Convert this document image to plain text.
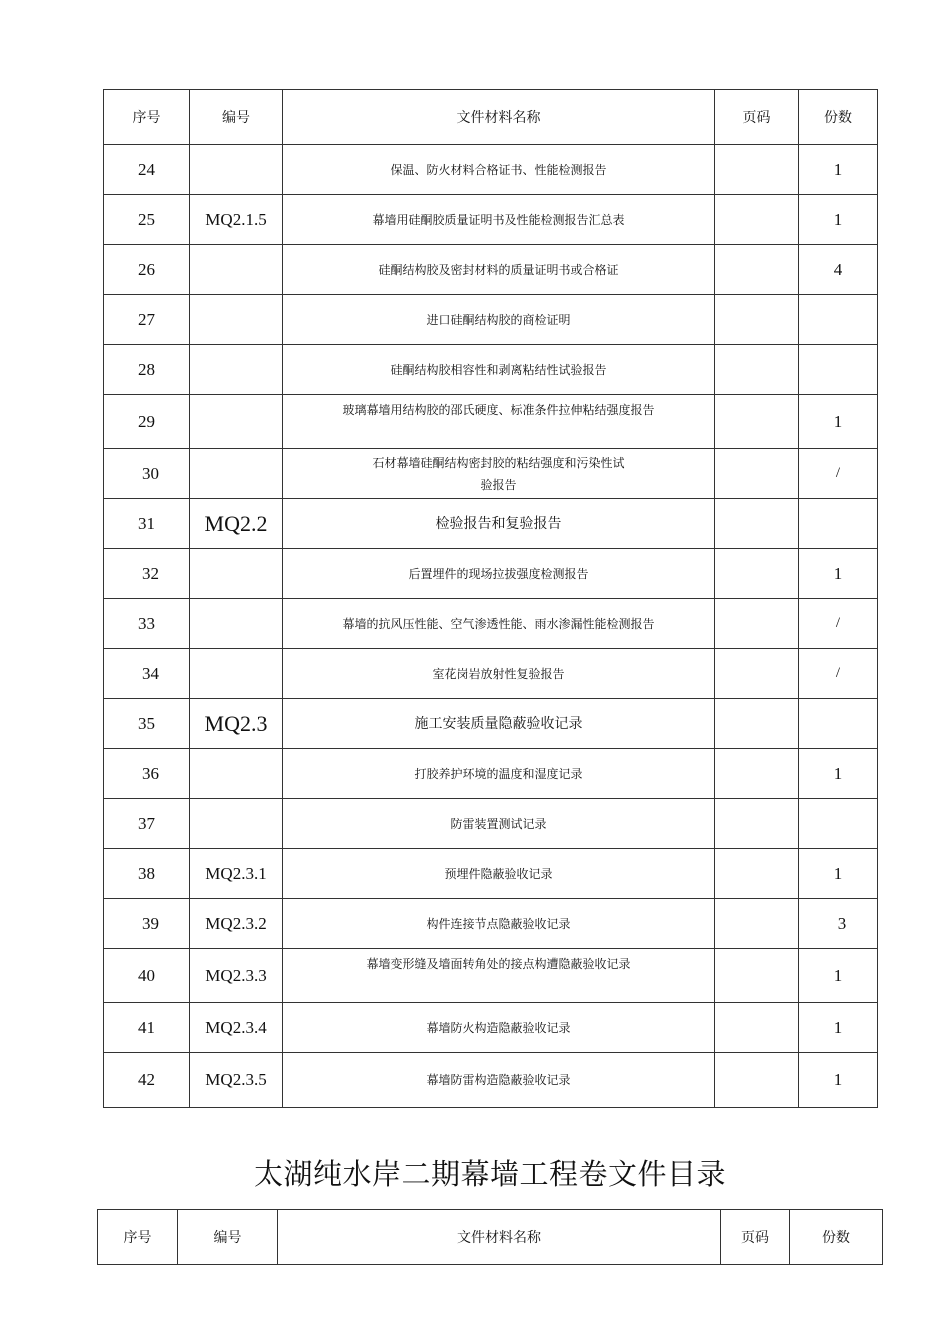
序号	编号	文件材料名称	页码	份数
24		保温、防火材料合格证书、性能检测报告		1
25	MQ2.1.5	幕墙用硅酮胶质量证明书及性能检测报告汇总表		1
26		硅酮结构胶及密封材料的质量证明书或合格证		4
27		进口硅酮结构胶的商检证明		
28		硅酮结构胶相容性和剥离粘结性试验报告		
29		玻璃幕墙用结构胶的邵氏硬度、标准条件拉伸粘结强度报告		1
30		石材幕墙硅酮结构密封胶的粘结强度和污染性试
验报告		/
31	MQ2.2	检验报告和复验报告		
32		后置埋件的现场拉拔强度检测报告		1
33		幕墙的抗风压性能、空气渗透性能、雨水渗漏性能检测报告		/
34		室花岗岩放射性复验报告		/
35	MQ2.3	施工安装质量隐蔽验收记录		
36		打胶养护环境的温度和湿度记录		1
37		防雷装置测试记录		
38	MQ2.3.1	预埋件隐蔽验收记录		1
39	MQ2.3.2	构件连接节点隐蔽验收记录		3
40	MQ2.3.3	幕墙变形缝及墙面转角处的接点构遭隐蔽验收记录		1
41	MQ2.3.4	幕墙防火构造隐蔽验收记录		1
42	MQ2.3.5	幕墙防雷构造隐蔽验收记录		1
太湖纯水岸二期幕墙工程卷文件目录
序号	编号	文件材料名称	页码	份数
